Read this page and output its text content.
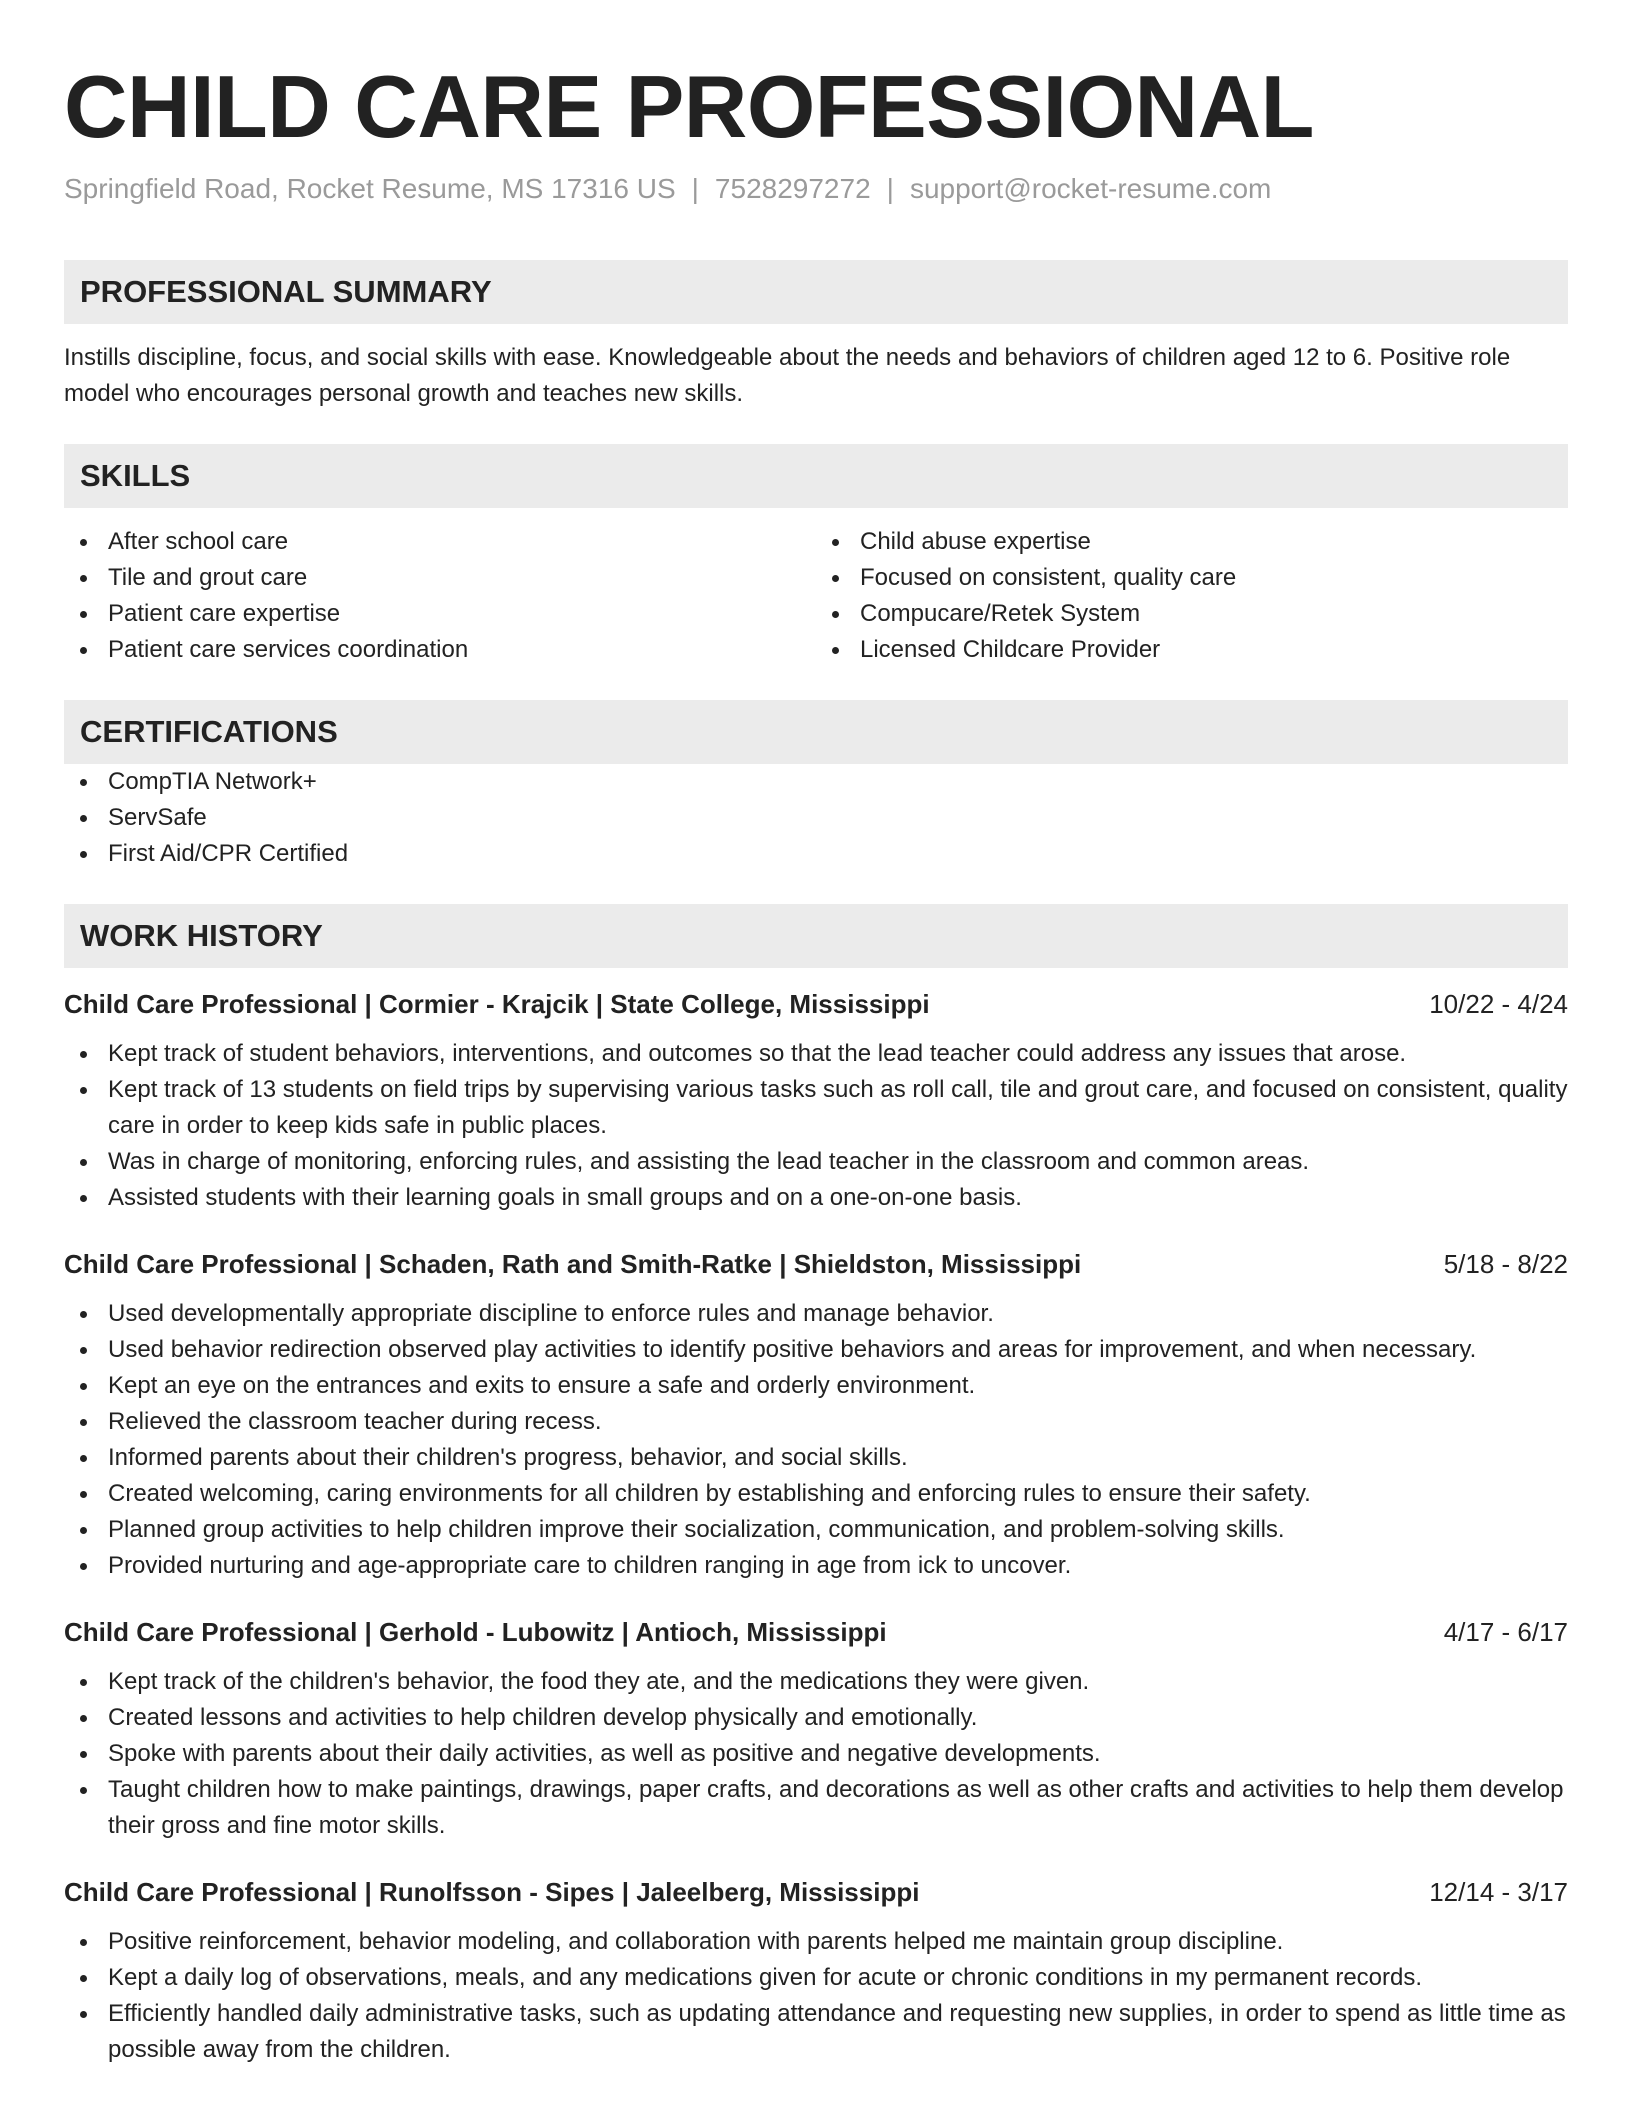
CHILD CARE PROFESSIONAL
Springfield Road, Rocket Resume, MS 17316 US | 7528297272 | support@rocket-resume.com
PROFESSIONAL SUMMARY

Instills discipline, focus, and social skills with ease. Knowledgeable about the needs and behaviors of children aged 12 to 6. Positive role model who encourages personal growth and teaches new skills.

SKILLS
After school care
Tile and grout care
Patient care expertise
Patient care services coordination
Child abuse expertise
Focused on consistent, quality care
Compucare/Retek System
Licensed Childcare Provider
CERTIFICATIONS
CompTIA Network+
ServSafe
First Aid/CPR Certified
WORK HISTORY
Child Care Professional | Cormier - Krajcik | State College, Mississippi	10/22 - 4/24
Kept track of student behaviors, interventions, and outcomes so that the lead teacher could address any issues that arose.
Kept track of 13 students on field trips by supervising various tasks such as roll call, tile and grout care, and focused on consistent, quality care in order to keep kids safe in public places.
Was in charge of monitoring, enforcing rules, and assisting the lead teacher in the classroom and common areas.
Assisted students with their learning goals in small groups and on a one-on-one basis.
Child Care Professional | Schaden, Rath and Smith-Ratke | Shieldston, Mississippi	5/18 - 8/22
Used developmentally appropriate discipline to enforce rules and manage behavior.
Used behavior redirection observed play activities to identify positive behaviors and areas for improvement, and when necessary.
Kept an eye on the entrances and exits to ensure a safe and orderly environment.
Relieved the classroom teacher during recess.
Informed parents about their children's progress, behavior, and social skills.
Created welcoming, caring environments for all children by establishing and enforcing rules to ensure their safety.
Planned group activities to help children improve their socialization, communication, and problem-solving skills.
Provided nurturing and age-appropriate care to children ranging in age from ick to uncover.
Child Care Professional | Gerhold - Lubowitz | Antioch, Mississippi	4/17 - 6/17
Kept track of the children's behavior, the food they ate, and the medications they were given.
Created lessons and activities to help children develop physically and emotionally.
Spoke with parents about their daily activities, as well as positive and negative developments.
Taught children how to make paintings, drawings, paper crafts, and decorations as well as other crafts and activities to help them develop their gross and fine motor skills.
Child Care Professional | Runolfsson - Sipes | Jaleelberg, Mississippi	12/14 - 3/17
Positive reinforcement, behavior modeling, and collaboration with parents helped me maintain group discipline.
Kept a daily log of observations, meals, and any medications given for acute or chronic conditions in my permanent records.
Efficiently handled daily administrative tasks, such as updating attendance and requesting new supplies, in order to spend as little time as possible away from the children.
